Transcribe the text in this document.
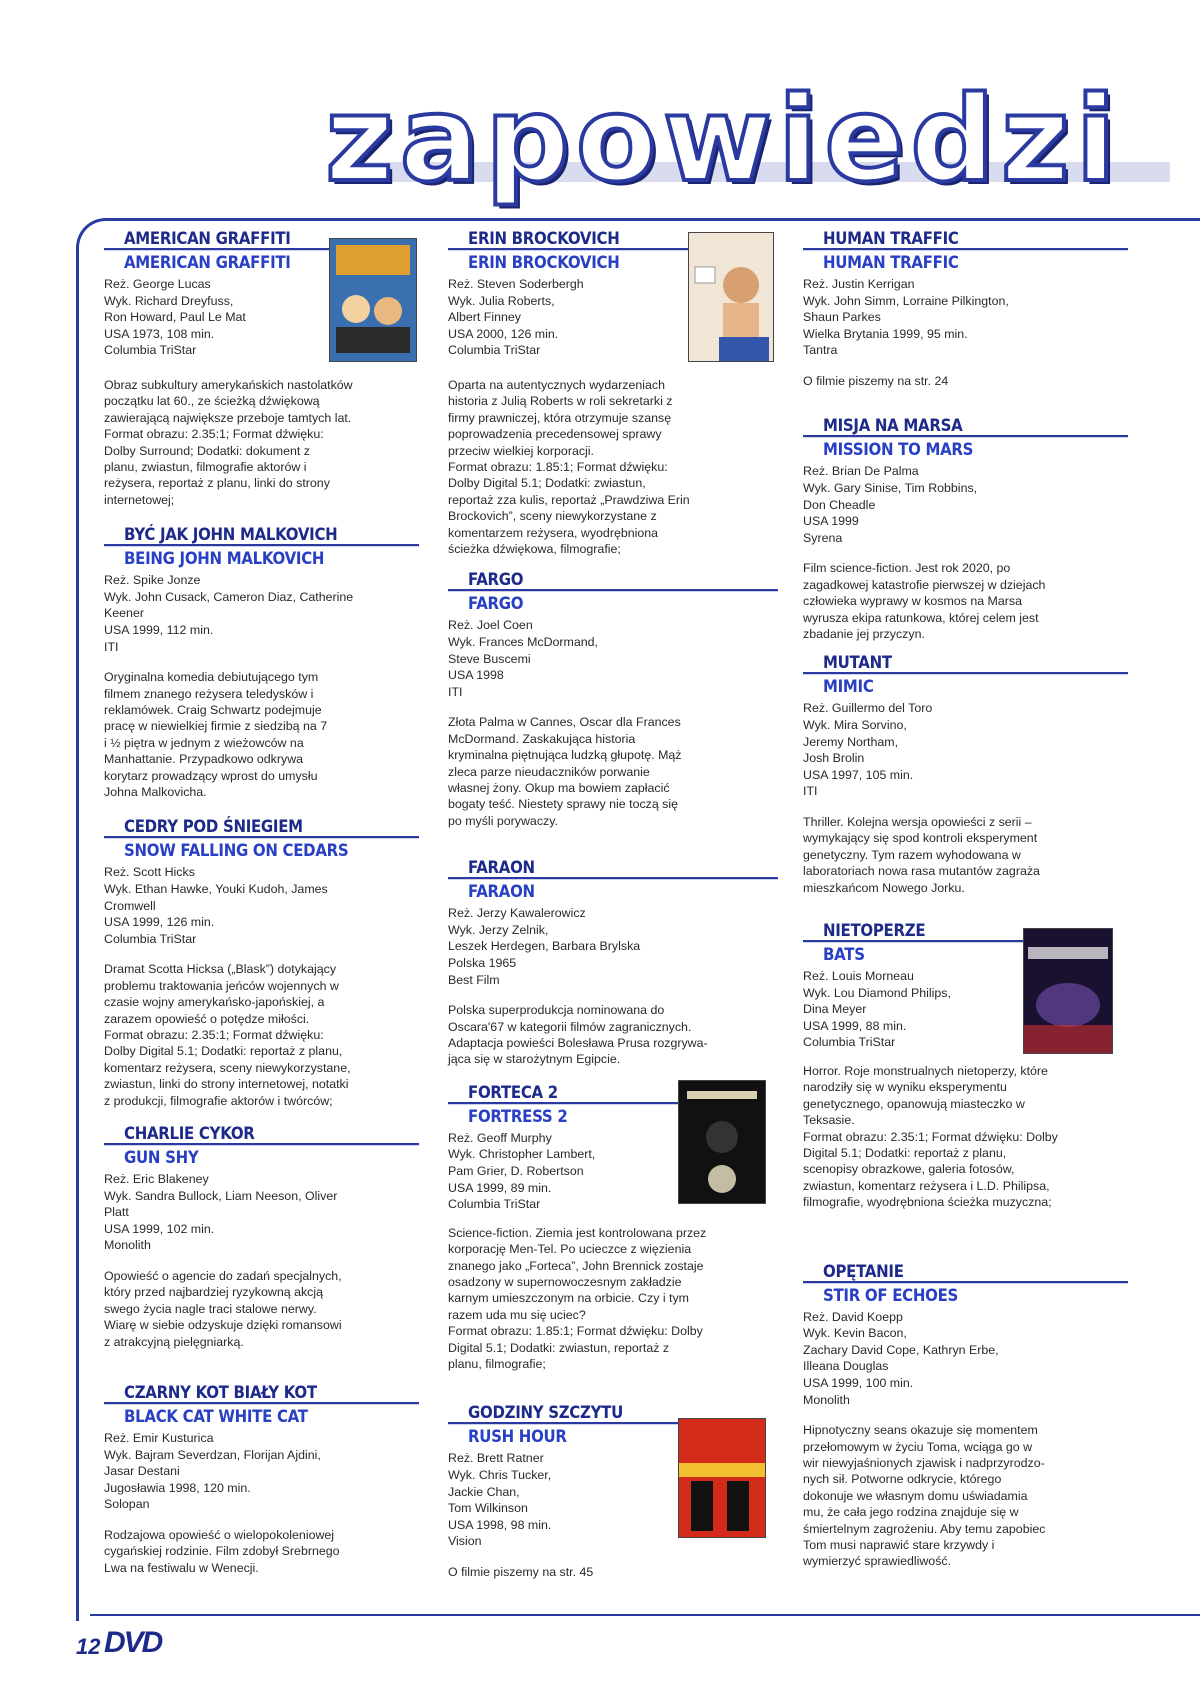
zapowiedzi
AMERICAN GRAFFITI
AMERICAN GRAFFITI
Reż. George Lucas
Wyk. Richard Dreyfuss,
Ron Howard, Paul Le Mat
USA 1973, 108 min.
Columbia TriStar
Obraz subkultury amerykańskich nastolatków
początku lat 60., ze ścieżką dźwiękową
zawierającą największe przeboje tamtych lat.
Format obrazu: 2.35:1; Format dźwięku:
Dolby Surround; Dodatki: dokument z
planu, zwiastun, filmografie aktorów i
reżysera, reportaż z planu, linki do strony
internetowej;
BYĆ JAK JOHN MALKOVICH
BEING JOHN MALKOVICH
Reż. Spike Jonze
Wyk. John Cusack, Cameron Diaz, Catherine
Keener
USA 1999, 112 min.
ITI
Oryginalna komedia debiutującego tym
filmem znanego reżysera teledysków i
reklamówek. Craig Schwartz podejmuje
pracę w niewielkiej firmie z siedzibą na 7
i ½ piętra w jednym z wieżowców na
Manhattanie. Przypadkowo odkrywa
korytarz prowadzący wprost do umysłu
Johna Malkovicha.
CEDRY POD ŚNIEGIEM
SNOW FALLING ON CEDARS
Reż. Scott Hicks
Wyk. Ethan Hawke, Youki Kudoh, James
Cromwell
USA 1999, 126 min.
Columbia TriStar
Dramat Scotta Hicksa („Blask”) dotykający
problemu traktowania jeńców wojennych w
czasie wojny amerykańsko-japońskiej, a
zarazem opowieść o potędze miłości.
Format obrazu: 2.35:1; Format dźwięku:
Dolby Digital 5.1; Dodatki: reportaż z planu,
komentarz reżysera, sceny niewykorzystane,
zwiastun, linki do strony internetowej, notatki
z produkcji, filmografie aktorów i twórców;
CHARLIE CYKOR
GUN SHY
Reż. Eric Blakeney
Wyk. Sandra Bullock, Liam Neeson, Oliver
Platt
USA 1999, 102 min.
Monolith
Opowieść o agencie do zadań specjalnych,
który przed najbardziej ryzykowną akcją
swego życia nagle traci stalowe nerwy.
Wiarę w siebie odzyskuje dzięki romansowi
z atrakcyjną pielęgniarką.
CZARNY KOT BIAŁY KOT
BLACK CAT WHITE CAT
Reż. Emir Kusturica
Wyk. Bajram Severdzan, Florijan Ajdini,
Jasar Destani
Jugosławia 1998, 120 min.
Solopan
Rodzajowa opowieść o wielopokoleniowej
cygańskiej rodzinie. Film zdobył Srebrnego
Lwa na festiwalu w Wenecji.
ERIN BROCKOVICH
ERIN BROCKOVICH
Reż. Steven Soderbergh
Wyk. Julia Roberts,
Albert Finney
USA 2000, 126 min.
Columbia TriStar
Oparta na autentycznych wydarzeniach
historia z Julią Roberts w roli sekretarki z
firmy prawniczej, która otrzymuje szansę
poprowadzenia precedensowej sprawy
przeciw wielkiej korporacji.
Format obrazu: 1.85:1; Format dźwięku:
Dolby Digital 5.1; Dodatki: zwiastun,
reportaż zza kulis, reportaż „Prawdziwa Erin
Brockovich”, sceny niewykorzystane z
komentarzem reżysera, wyodrębniona
ścieżka dźwiękowa, filmografie;
FARGO
FARGO
Reż. Joel Coen
Wyk. Frances McDormand,
Steve Buscemi
USA 1998
ITI
Złota Palma w Cannes, Oscar dla Frances
McDormand. Zaskakująca historia
kryminalna piętnująca ludzką głupotę. Mąż
zleca parze nieudaczników porwanie
własnej żony. Okup ma bowiem zapłacić
bogaty teść. Niestety sprawy nie toczą się
po myśli porywaczy.
FARAON
FARAON
Reż. Jerzy Kawalerowicz
Wyk. Jerzy Zelnik,
Leszek Herdegen, Barbara Brylska
Polska 1965
Best Film
Polska superprodukcja nominowana do
Oscara'67 w kategorii filmów zagranicznych.
Adaptacja powieści Bolesława Prusa rozgrywa-
jąca się w starożytnym Egipcie.
FORTECA 2
FORTRESS 2
Reż. Geoff Murphy
Wyk. Christopher Lambert,
Pam Grier, D. Robertson
USA 1999, 89 min.
Columbia TriStar
Science-fiction. Ziemia jest kontrolowana przez
korporację Men-Tel. Po ucieczce z więzienia
znanego jako „Forteca”, John Brennick zostaje
osadzony w supernowoczesnym zakładzie
karnym umieszczonym na orbicie. Czy i tym
razem uda mu się uciec?
Format obrazu: 1.85:1; Format dźwięku: Dolby
Digital 5.1; Dodatki: zwiastun, reportaż z
planu, filmografie;
GODZINY SZCZYTU
RUSH HOUR
Reż. Brett Ratner
Wyk. Chris Tucker,
Jackie Chan,
Tom Wilkinson
USA 1998, 98 min.
Vision
O filmie piszemy na str. 45
HUMAN TRAFFIC
HUMAN TRAFFIC
Reż. Justin Kerrigan
Wyk. John Simm, Lorraine Pilkington,
Shaun Parkes
Wielka Brytania 1999, 95 min.
Tantra
O filmie piszemy na str. 24
MISJA NA MARSA
MISSION TO MARS
Reż. Brian De Palma
Wyk. Gary Sinise, Tim Robbins,
Don Cheadle
USA 1999
Syrena
Film science-fiction. Jest rok 2020, po
zagadkowej katastrofie pierwszej w dziejach
człowieka wyprawy w kosmos na Marsa
wyrusza ekipa ratunkowa, której celem jest
zbadanie jej przyczyn.
MUTANT
MIMIC
Reż. Guillermo del Toro
Wyk. Mira Sorvino,
Jeremy Northam,
Josh Brolin
USA 1997, 105 min.
ITI
Thriller. Kolejna wersja opowieści z serii –
wymykający się spod kontroli eksperyment
genetyczny. Tym razem wyhodowana w
laboratoriach nowa rasa mutantów zagraża
mieszkańcom Nowego Jorku.
NIETOPERZE
BATS
Reż. Louis Morneau
Wyk. Lou Diamond Philips,
Dina Meyer
USA 1999, 88 min.
Columbia TriStar
Horror. Roje monstrualnych nietoperzy, które
narodziły się w wyniku eksperymentu
genetycznego, opanowują miasteczko w
Teksasie.
Format obrazu: 2.35:1; Format dźwięku: Dolby
Digital 5.1; Dodatki: reportaż z planu,
scenopisy obrazkowe, galeria fotosów,
zwiastun, komentarz reżysera i L.D. Philipsa,
filmografie, wyodrębniona ścieżka muzyczna;
OPĘTANIE
STIR OF ECHOES
Reż. David Koepp
Wyk. Kevin Bacon,
Zachary David Cope, Kathryn Erbe,
Illeana Douglas
USA 1999, 100 min.
Monolith
Hipnotyczny seans okazuje się momentem
przełomowym w życiu Toma, wciąga go w
wir niewyjaśnionych zjawisk i nadprzyrodzo-
nych sił. Potworne odkrycie, którego
dokonuje we własnym domu uświadamia
mu, że cała jego rodzina znajduje się w
śmiertelnym zagrożeniu. Aby temu zapobiec
Tom musi naprawić stare krzywdy i
wymierzyć sprawiedliwość.
12 DVD
